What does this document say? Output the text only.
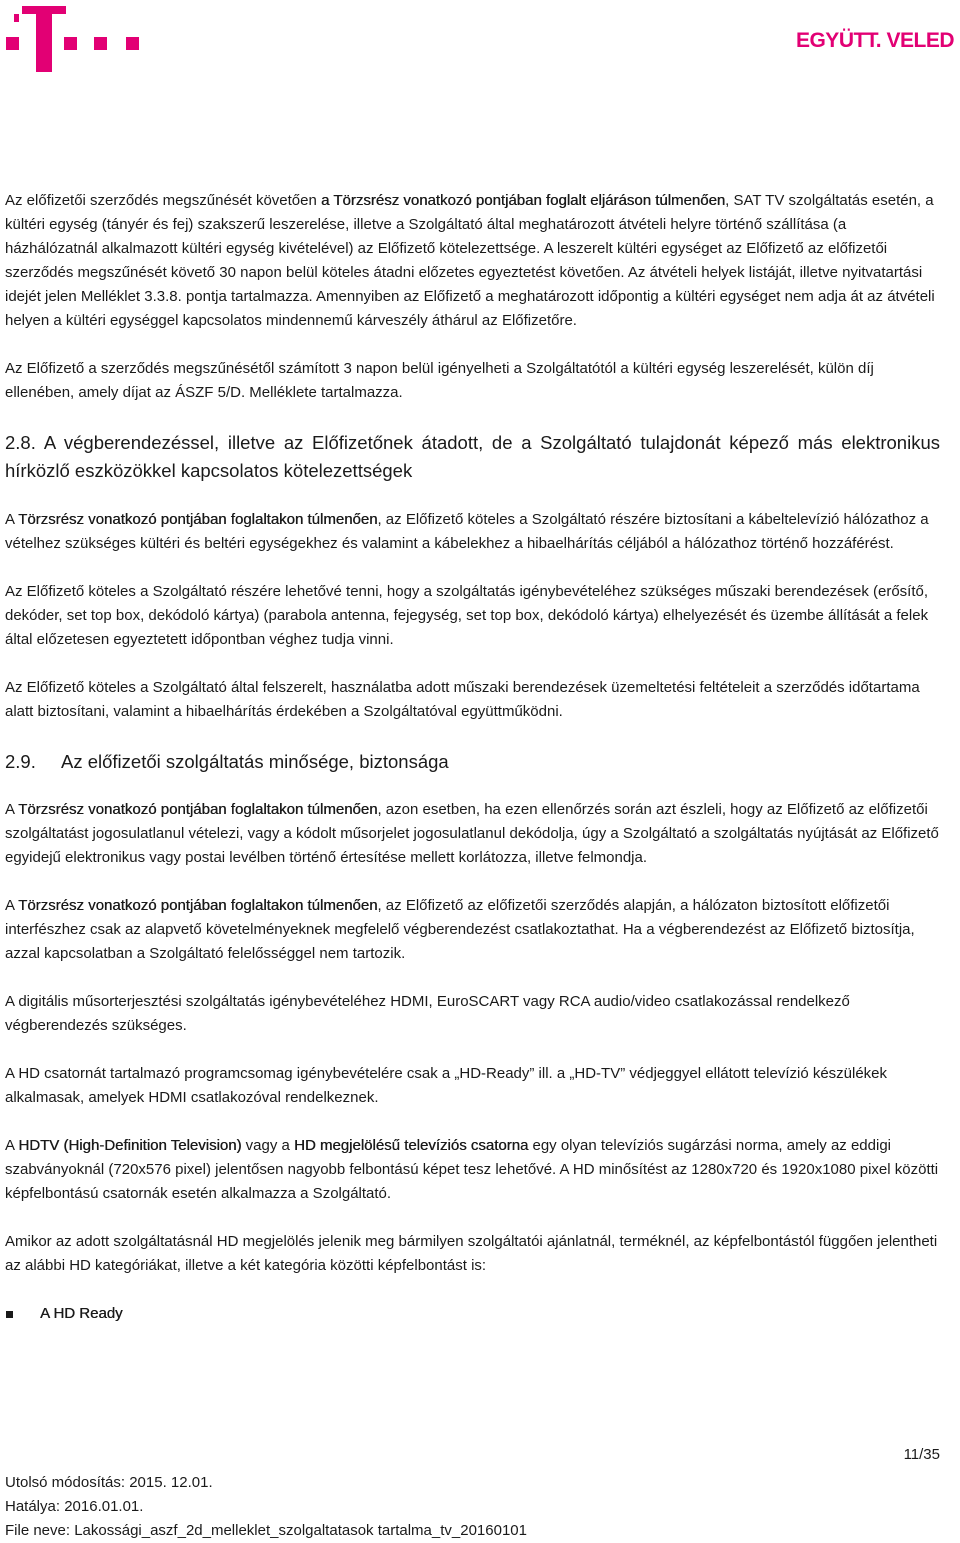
EGYÜTT. VELED

Az előfizetői szerződés megszűnését követően a Törzsrész vonatkozó pontjában foglalt eljáráson túlmenően, SAT TV szolgáltatás esetén, a kültéri egység (tányér és fej) szakszerű leszerelése, illetve a Szolgáltató által meghatározott átvételi helyre történő szállítása (a házhálózatnál alkalmazott kültéri egység kivételével) az Előfizető kötelezettsége. A leszerelt kültéri egységet az Előfizető az előfizetői szerződés megszűnését követő 30 napon belül köteles átadni előzetes egyeztetést követően. Az átvételi helyek listáját, illetve nyitvatartási idejét jelen Melléklet 3.3.8. pontja tartalmazza. Amennyiben az Előfizető a meghatározott időpontig a kültéri egységet nem adja át az átvételi helyen a kültéri egységgel kapcsolatos mindennemű kárveszély áthárul az Előfizetőre.

Az Előfizető a szerződés megszűnésétől számított 3 napon belül igényelheti a Szolgáltatótól a kültéri egység leszerelését, külön díj ellenében, amely díjat az ÁSZF 5/D. Melléklete tartalmazza.

2.8. A végberendezéssel, illetve az Előfizetőnek átadott, de a Szolgáltató tulajdonát képező más elektronikus hírközlő eszközökkel kapcsolatos kötelezettségek

A Törzsrész vonatkozó pontjában foglaltakon túlmenően, az Előfizető köteles a Szolgáltató részére biztosítani a kábeltelevízió hálózathoz a vételhez szükséges kültéri és beltéri egységekhez és valamint a kábelekhez a hibaelhárítás céljából a hálózathoz történő hozzáférést.

Az Előfizető köteles a Szolgáltató részére lehetővé tenni, hogy a szolgáltatás igénybevételéhez szükséges műszaki berendezések (erősítő, dekóder, set top box, dekódoló kártya) (parabola antenna, fejegység, set top box, dekódoló kártya) elhelyezését és üzembe állítását a felek által előzetesen egyeztetett időpontban véghez tudja vinni.

Az Előfizető köteles a Szolgáltató által felszerelt, használatba adott műszaki berendezések üzemeltetési feltételeit a szerződés időtartama alatt biztosítani, valamint a hibaelhárítás érdekében a Szolgáltatóval együttműködni.

2.9. Az előfizetői szolgáltatás minősége, biztonsága

A Törzsrész vonatkozó pontjában foglaltakon túlmenően, azon esetben, ha ezen ellenőrzés során azt észleli, hogy az Előfizető az előfizetői szolgáltatást jogosulatlanul vételezi, vagy a kódolt műsorjelet jogosulatlanul dekódolja, úgy a Szolgáltató a szolgáltatás nyújtását az Előfizető egyidejű elektronikus vagy postai levélben történő értesítése mellett korlátozza, illetve felmondja.

A Törzsrész vonatkozó pontjában foglaltakon túlmenően, az Előfizető az előfizetői szerződés alapján, a hálózaton biztosított előfizetői interfészhez csak az alapvető követelményeknek megfelelő végberendezést csatlakoztathat. Ha a végberendezést az Előfizető biztosítja, azzal kapcsolatban a Szolgáltató felelősséggel nem tartozik.

A digitális műsorterjesztési szolgáltatás igénybevételéhez HDMI, EuroSCART vagy RCA audio/video csatlakozással rendelkező végberendezés szükséges.

A HD csatornát tartalmazó programcsomag igénybevételére csak a „HD-Ready” ill. a „HD-TV” védjeggyel ellátott televízió készülékek alkalmasak, amelyek HDMI csatlakozóval rendelkeznek.

A HDTV (High-Definition Television) vagy a HD megjelölésű televíziós csatorna egy olyan televíziós sugárzási norma, amely az eddigi szabványoknál (720x576 pixel) jelentősen nagyobb felbontású képet tesz lehetővé. A HD minősítést az 1280x720 és 1920x1080 pixel közötti képfelbontású csatornák esetén alkalmazza a Szolgáltató.

Amikor az adott szolgáltatásnál HD megjelölés jelenik meg bármilyen szolgáltatói ajánlatnál, terméknél, az képfelbontástól függően jelentheti az alábbi HD kategóriákat, illetve a két kategória közötti képfelbontást is:

A HD Ready
11/35
Utolsó módosítás: 2015. 12.01.
Hatálya: 2016.01.01.
File neve: Lakossági_aszf_2d_melleklet_szolgaltatasok tartalma_tv_20160101
